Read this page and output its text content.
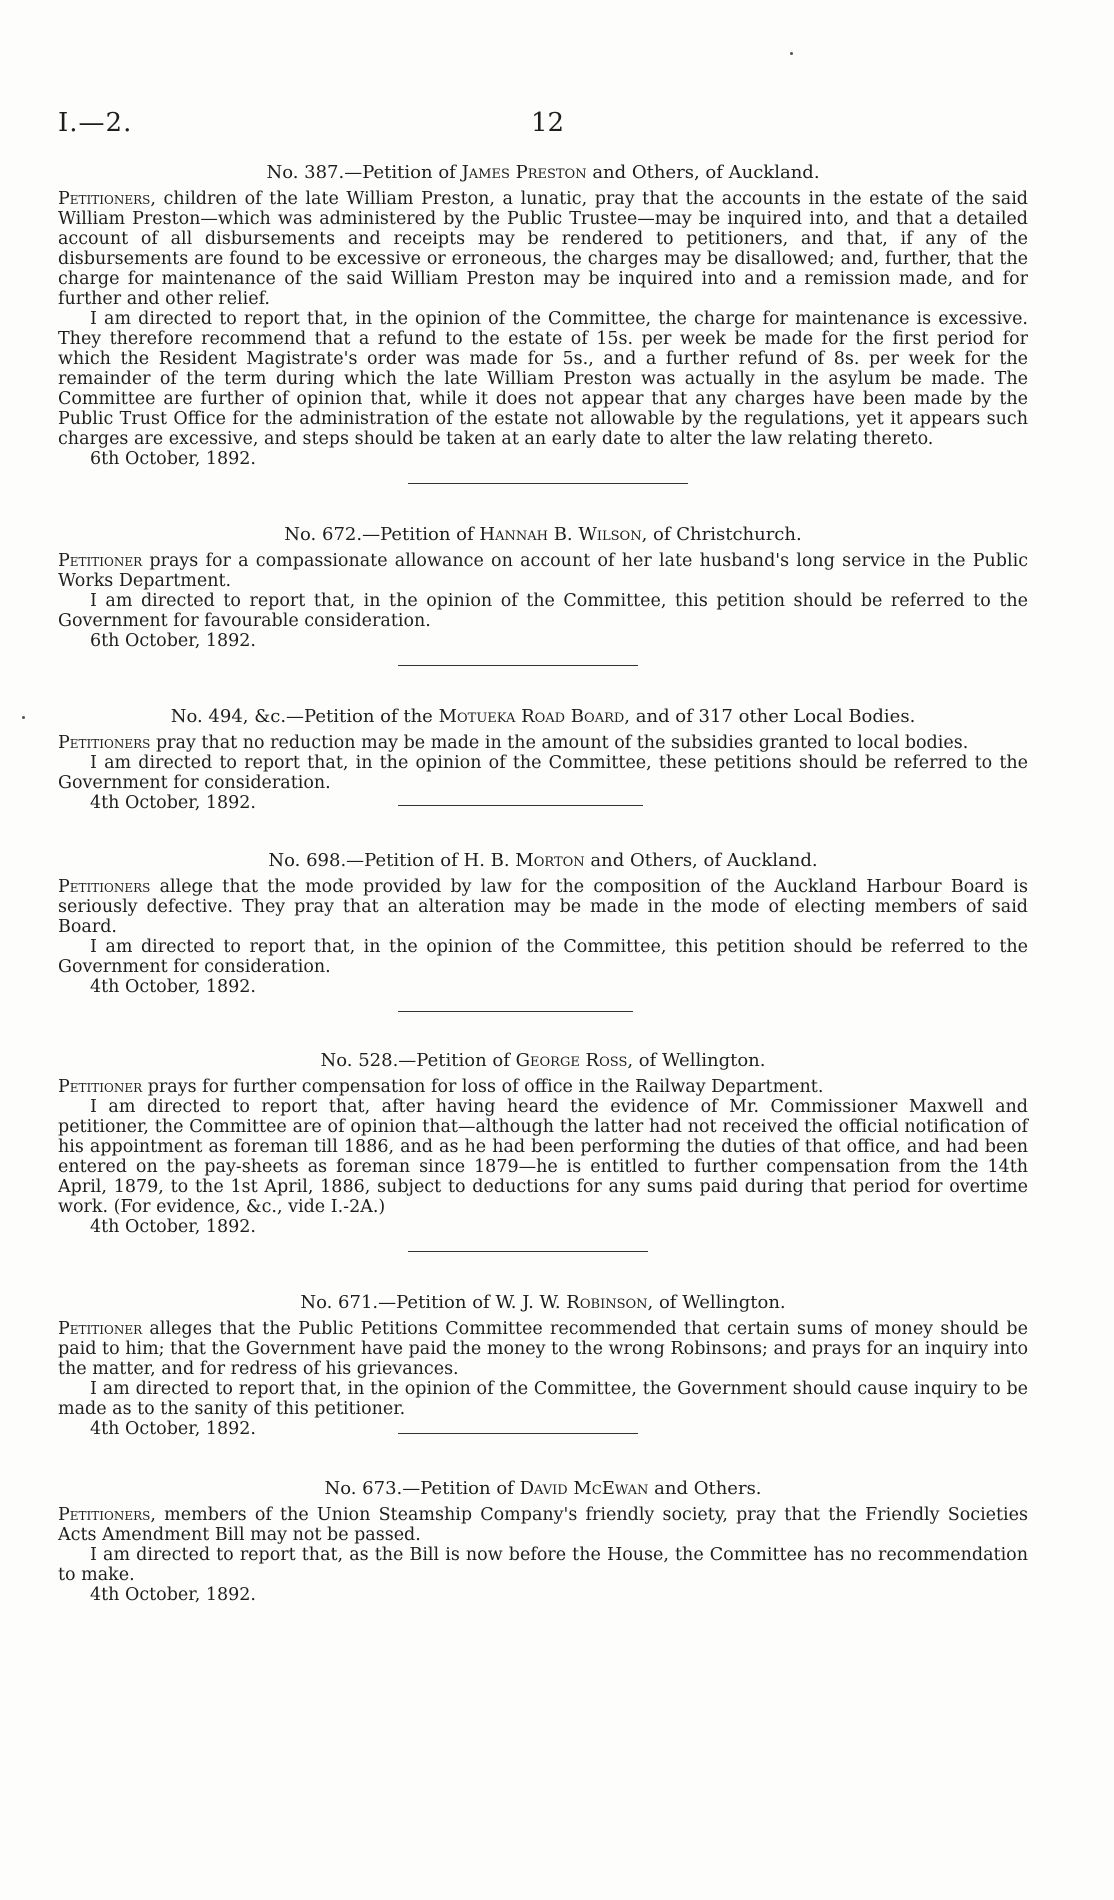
I.—2.	12

No. 387.—Petition of James Preston and Others, of Auckland.

Petitioners, children of the late William Preston, a lunatic, pray that the accounts in the estate of the said William Preston—which was administered by the Public Trustee—may be inquired into, and that a detailed account of all disbursements and receipts may be rendered to petitioners, and that, if any of the disbursements are found to be excessive or erroneous, the charges may be disallowed; and, further, that the charge for maintenance of the said William Preston may be inquired into and a remission made, and for further and other relief.

I am directed to report that, in the opinion of the Committee, the charge for maintenance is excessive. They therefore recommend that a refund to the estate of 15s. per week be made for the first period for which the Resident Magistrate's order was made for 5s., and a further refund of 8s. per week for the remainder of the term during which the late William Preston was actually in the asylum be made. The Committee are further of opinion that, while it does not appear that any charges have been made by the Public Trust Office for the administration of the estate not allowable by the regulations, yet it appears such charges are excessive, and steps should be taken at an early date to alter the law relating thereto.

6th October, 1892.

No. 672.—Petition of Hannah B. Wilson, of Christchurch.

Petitioner prays for a compassionate allowance on account of her late husband's long service in the Public Works Department.

I am directed to report that, in the opinion of the Committee, this petition should be referred to the Government for favourable consideration.

6th October, 1892.

No. 494, &c.—Petition of the Motueka Road Board, and of 317 other Local Bodies.

Petitioners pray that no reduction may be made in the amount of the subsidies granted to local bodies.

I am directed to report that, in the opinion of the Committee, these petitions should be referred to the Government for consideration.

4th October, 1892.

No. 698.—Petition of H. B. Morton and Others, of Auckland.

Petitioners allege that the mode provided by law for the composition of the Auckland Harbour Board is seriously defective. They pray that an alteration may be made in the mode of electing members of said Board.

I am directed to report that, in the opinion of the Committee, this petition should be referred to the Government for consideration.

4th October, 1892.

No. 528.—Petition of George Ross, of Wellington.

Petitioner prays for further compensation for loss of office in the Railway Department.

I am directed to report that, after having heard the evidence of Mr. Commissioner Maxwell and petitioner, the Committee are of opinion that—although the latter had not received the official notification of his appointment as foreman till 1886, and as he had been performing the duties of that office, and had been entered on the pay-sheets as foreman since 1879—he is entitled to further compensation from the 14th April, 1879, to the 1st April, 1886, subject to deductions for any sums paid during that period for overtime work. (For evidence, &c., vide I.-2A.)

4th October, 1892.

No. 671.—Petition of W. J. W. Robinson, of Wellington.

Petitioner alleges that the Public Petitions Committee recommended that certain sums of money should be paid to him; that the Government have paid the money to the wrong Robinsons; and prays for an inquiry into the matter, and for redress of his grievances.

I am directed to report that, in the opinion of the Committee, the Government should cause inquiry to be made as to the sanity of this petitioner.

4th October, 1892.

No. 673.—Petition of David McEwan and Others.

Petitioners, members of the Union Steamship Company's friendly society, pray that the Friendly Societies Acts Amendment Bill may not be passed.

I am directed to report that, as the Bill is now before the House, the Committee has no recommendation to make.

4th October, 1892.
